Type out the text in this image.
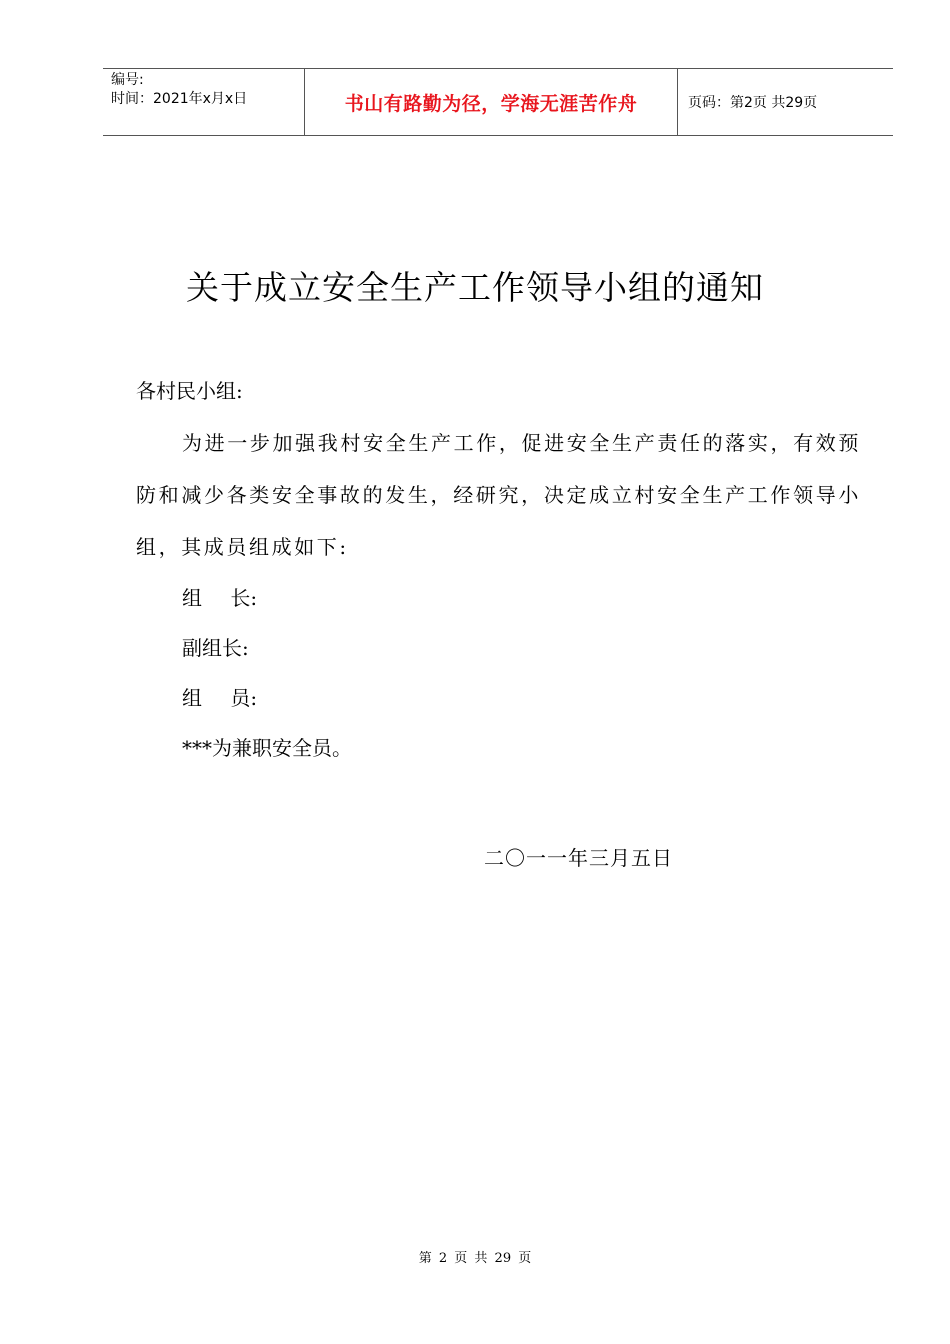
编号:
时间：2021年x月x日	书山有路勤为径，学海无涯苦作舟	页码：第2页 共29页
关于成立安全生产工作领导小组的通知
各村民小组:
为进一步加强我村安全生产工作，促进安全生产责任的落实，有效预防和减少各类安全事故的发生，经研究，决定成立村安全生产工作领导小组，其成员组成如下:
组 长:
副组长:
组 员:
***为兼职安全员。
二〇一一年三月五日
第 2 页 共 29 页
